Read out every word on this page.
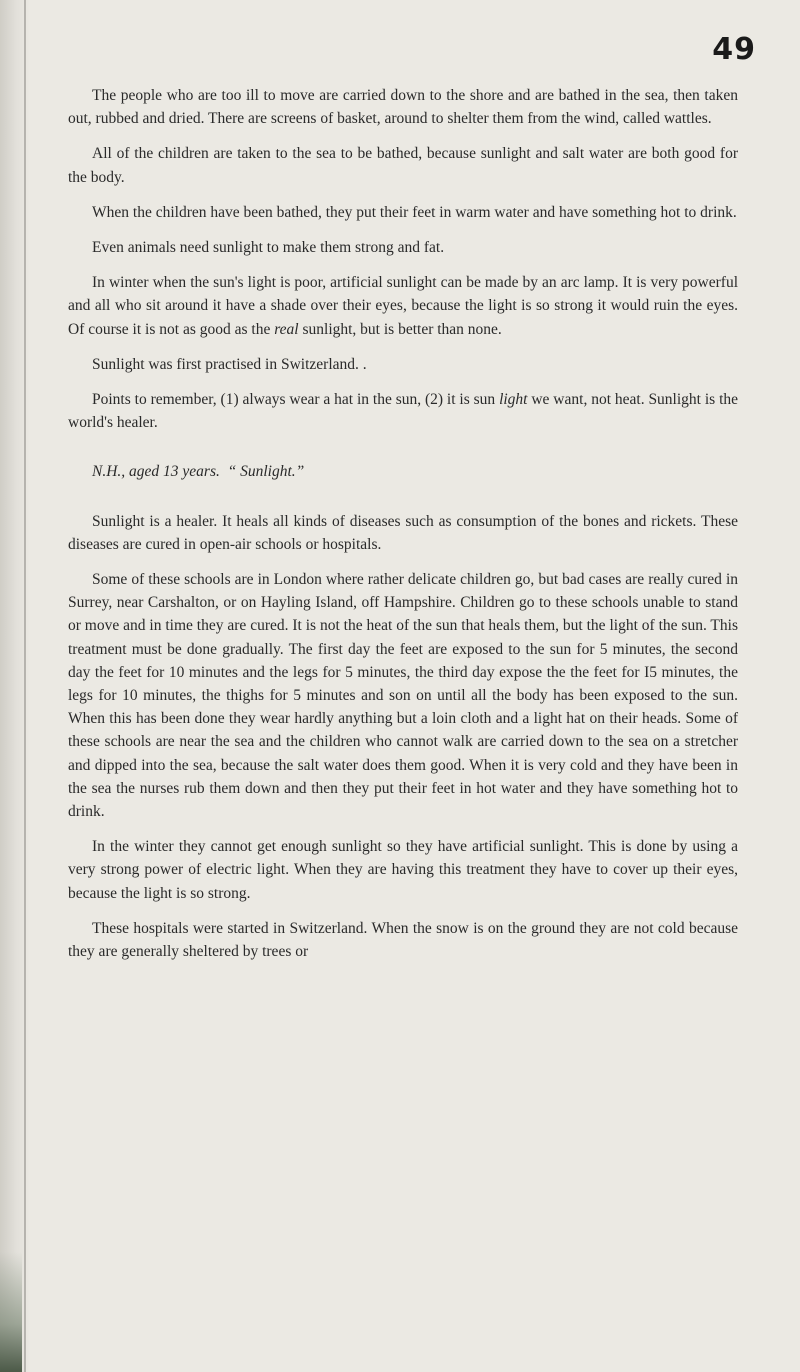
49

The people who are too ill to move are carried down to the shore and are bathed in the sea, then taken out, rubbed and dried. There are screens of basket, around to shelter them from the wind, called wattles.

All of the children are taken to the sea to be bathed, because sunlight and salt water are both good for the body.

When the children have been bathed, they put their feet in warm water and have something hot to drink.

Even animals need sunlight to make them strong and fat.

In winter when the sun's light is poor, artificial sunlight can be made by an arc lamp. It is very powerful and all who sit around it have a shade over their eyes, because the light is so strong it would ruin the eyes. Of course it is not as good as the real sunlight, but is better than none.

Sunlight was first practised in Switzerland. .

Points to remember, (1) always wear a hat in the sun, (2) it is sun light we want, not heat. Sunlight is the world's healer.

N.H., aged 13 years. “ Sunlight.”

Sunlight is a healer. It heals all kinds of diseases such as consumption of the bones and rickets. These diseases are cured in open-air schools or hospitals.

Some of these schools are in London where rather delicate children go, but bad cases are really cured in Surrey, near Carshalton, or on Hayling Island, off Hampshire. Children go to these schools unable to stand or move and in time they are cured. It is not the heat of the sun that heals them, but the light of the sun. This treatment must be done gradually. The first day the feet are exposed to the sun for 5 minutes, the second day the feet for 10 minutes and the legs for 5 minutes, the third day expose the the feet for I5 minutes, the legs for 10 minutes, the thighs for 5 minutes and son on until all the body has been exposed to the sun. When this has been done they wear hardly anything but a loin cloth and a light hat on their heads. Some of these schools are near the sea and the children who cannot walk are carried down to the sea on a stretcher and dipped into the sea, because the salt water does them good. When it is very cold and they have been in the sea the nurses rub them down and then they put their feet in hot water and they have something hot to drink.

In the winter they cannot get enough sunlight so they have artificial sunlight. This is done by using a very strong power of electric light. When they are having this treatment they have to cover up their eyes, because the light is so strong.

These hospitals were started in Switzerland. When the snow is on the ground they are not cold because they are generally sheltered by trees or
